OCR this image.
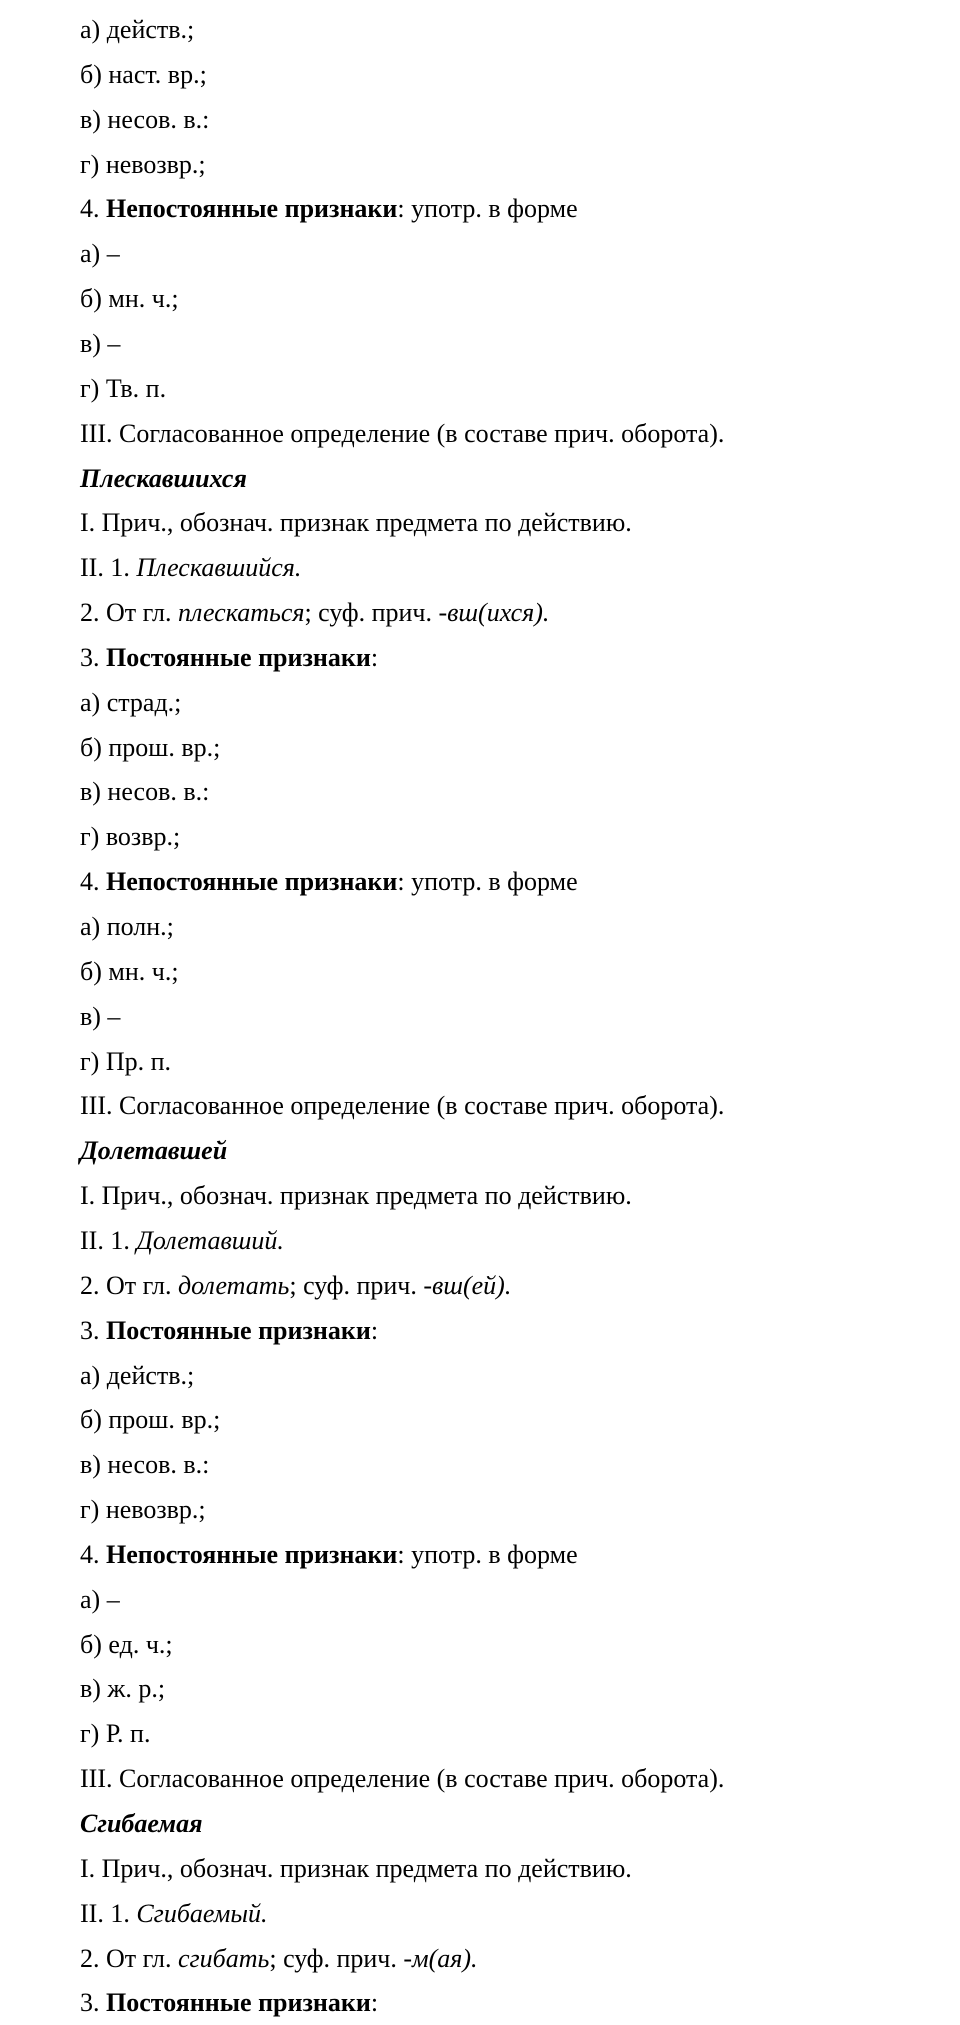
а) действ.;
б) наст. вр.;
в) несов. в.:
г) невозвр.;
4. Непостоянные признаки: употр. в форме
а) –
б) мн. ч.;
в) –
г) Тв. п.
III. Согласованное определение (в составе прич. оборота).
Плескавшихся
I. Прич., обознач. признак предмета по действию.
II. 1. Плескавшийся.
2. От гл. плескаться; суф. прич. -вш(ихся).
3. Постоянные признаки:
а) страд.;
б) прош. вр.;
в) несов. в.:
г) возвр.;
4. Непостоянные признаки: употр. в форме
а) полн.;
б) мн. ч.;
в) –
г) Пр. п.
III. Согласованное определение (в составе прич. оборота).
Долетавшей
I. Прич., обознач. признак предмета по действию.
II. 1. Долетавший.
2. От гл. долетать; суф. прич. -вш(ей).
3. Постоянные признаки:
а) действ.;
б) прош. вр.;
в) несов. в.:
г) невозвр.;
4. Непостоянные признаки: употр. в форме
а) –
б) ед. ч.;
в) ж. р.;
г) Р. п.
III. Согласованное определение (в составе прич. оборота).
Сгибаемая
I. Прич., обознач. признак предмета по действию.
II. 1. Сгибаемый.
2. От гл. сгибать; суф. прич. -м(ая).
3. Постоянные признаки:
